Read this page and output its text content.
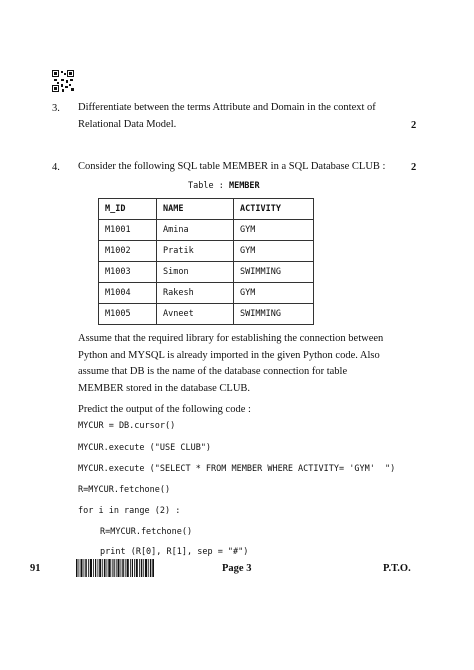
3. Differentiate between the terms Attribute and Domain in the context of
Relational Data Model.	2
4. Consider the following SQL table MEMBER in a SQL Database CLUB : 2
Table : MEMBER
M_ID	NAME	ACTIVITY
M1001	Amina	GYM
M1002	Pratik	GYM
M1003	Simon	SWIMMING
M1004	Rakesh	GYM
M1005	Avneet	SWIMMING
Assume that the required library for establishing the connection between
Python and MYSQL is already imported in the given Python code. Also
assume that DB is the name of the database connection for table
MEMBER stored in the database CLUB.
Predict the output of the following code :
MYCUR = DB.cursor()
MYCUR.execute ("USE CLUB")
MYCUR.execute ("SELECT * FROM MEMBER WHERE ACTIVITY= 'GYM'  ")
R=MYCUR.fetchone()
for i in range (2) :
R=MYCUR.fetchone()
print (R[0], R[1], sep = "#")
91	Page 3	P.T.O.
